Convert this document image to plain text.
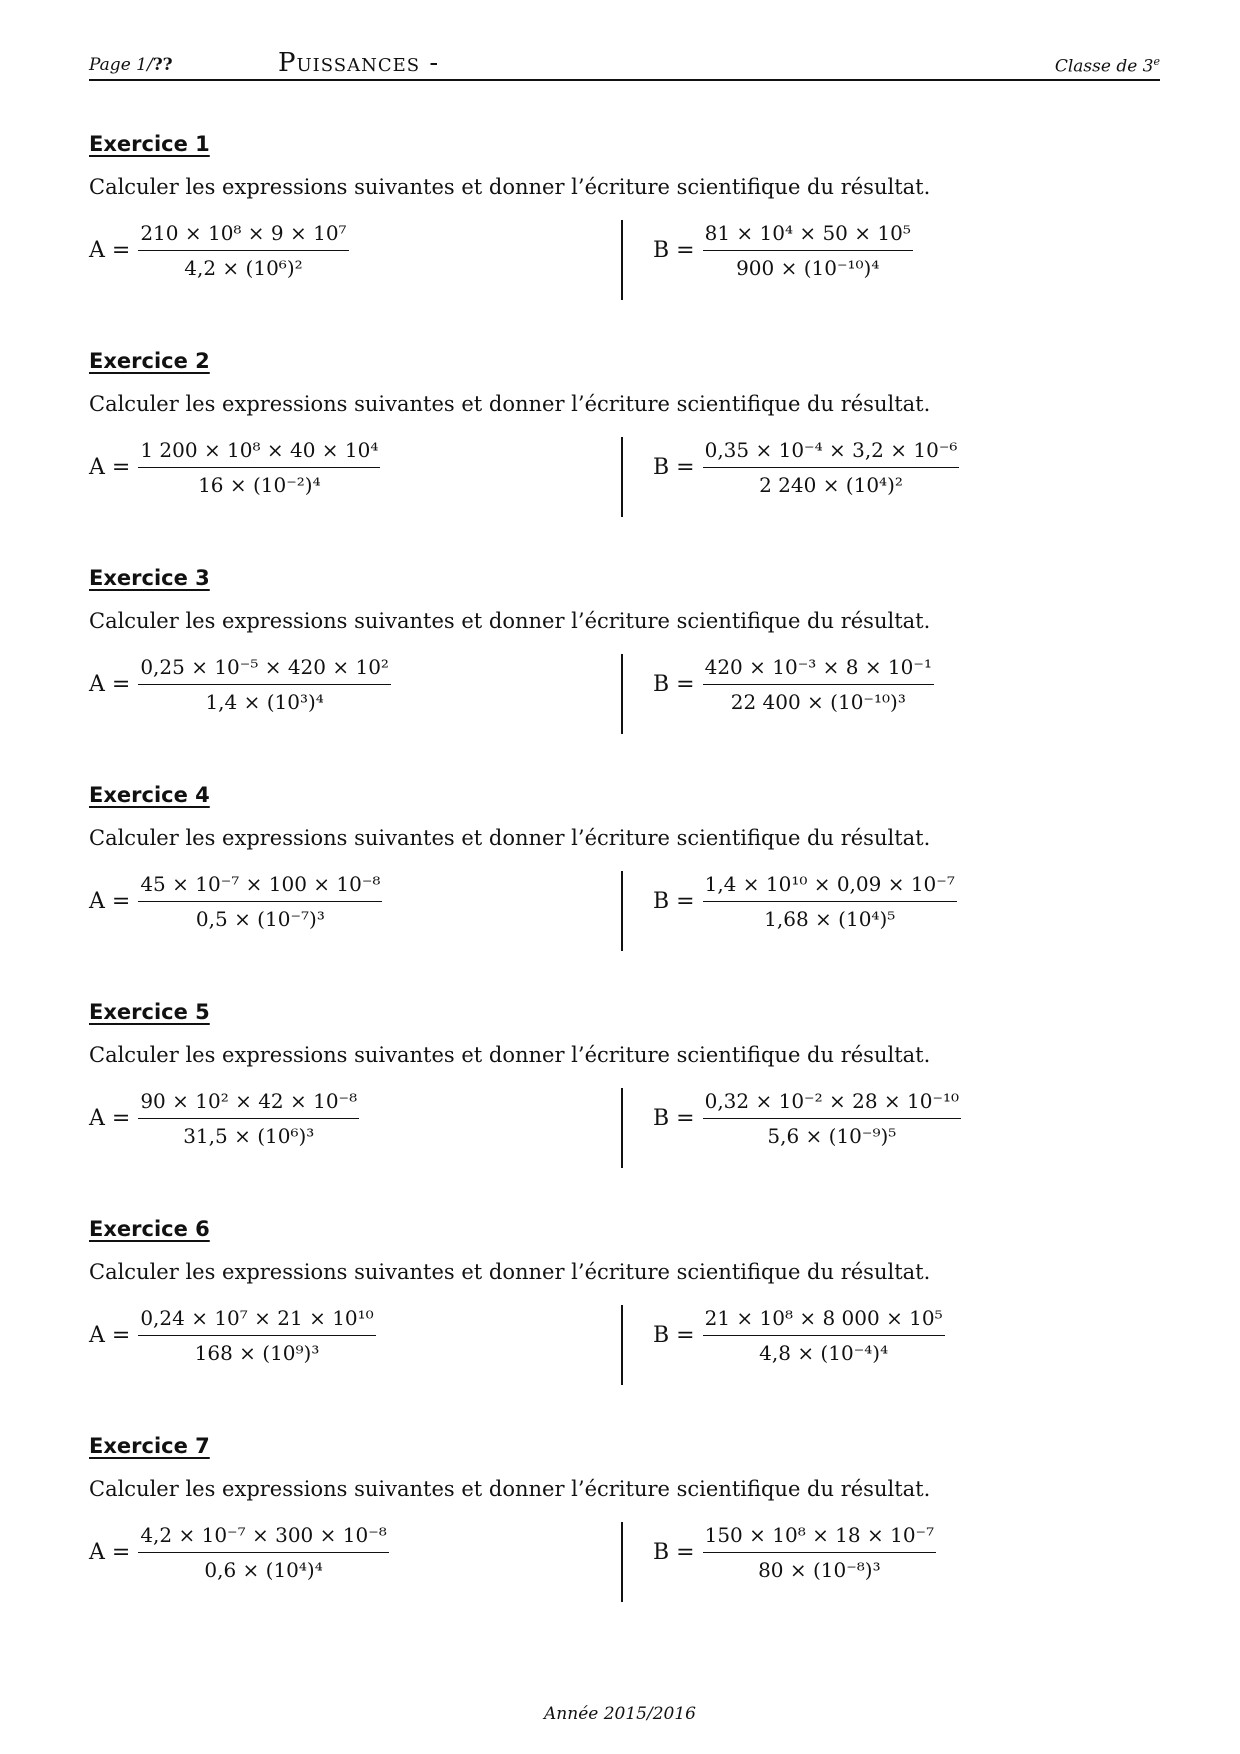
Page 1/??	Puissances -	Classe de 3e
Exercice 1
Calculer les expressions suivantes et donner l’écriture scientifique du résultat.
$A = \frac{\text{210 × 10⁸ × 9 × 10⁷}}{\text{4,2 × (10⁶)²}}$	$B = \frac{\text{81 × 10⁴ × 50 × 10⁵}}{\text{900 × (10⁻¹⁰)⁴}}$
Exercice 2
Calculer les expressions suivantes et donner l’écriture scientifique du résultat.
$A = \frac{\text{1 200 × 10⁸ × 40 × 10⁴}}{\text{16 × (10⁻²)⁴}}$	$B = \frac{\text{0,35 × 10⁻⁴ × 3,2 × 10⁻⁶}}{\text{2 240 × (10⁴)²}}$
Exercice 3
Calculer les expressions suivantes et donner l’écriture scientifique du résultat.
$A = \frac{\text{0,25 × 10⁻⁵ × 420 × 10²}}{\text{1,4 × (10³)⁴}}$	$B = \frac{\text{420 × 10⁻³ × 8 × 10⁻¹}}{\text{22 400 × (10⁻¹⁰)³}}$
Exercice 4
Calculer les expressions suivantes et donner l’écriture scientifique du résultat.
$A = \frac{\text{45 × 10⁻⁷ × 100 × 10⁻⁸}}{\text{0,5 × (10⁻⁷)³}}$	$B = \frac{\text{1,4 × 10¹⁰ × 0,09 × 10⁻⁷}}{\text{1,68 × (10⁴)⁵}}$
Exercice 5
Calculer les expressions suivantes et donner l’écriture scientifique du résultat.
$A = \frac{\text{90 × 10² × 42 × 10⁻⁸}}{\text{31,5 × (10⁶)³}}$	$B = \frac{\text{0,32 × 10⁻² × 28 × 10⁻¹⁰}}{\text{5,6 × (10⁻⁹)⁵}}$
Exercice 6
Calculer les expressions suivantes et donner l’écriture scientifique du résultat.
$A = \frac{\text{0,24 × 10⁷ × 21 × 10¹⁰}}{\text{168 × (10⁹)³}}$	$B = \frac{\text{21 × 10⁸ × 8 000 × 10⁵}}{\text{4,8 × (10⁻⁴)⁴}}$
Exercice 7
Calculer les expressions suivantes et donner l’écriture scientifique du résultat.
$A = \frac{\text{4,2 × 10⁻⁷ × 300 × 10⁻⁸}}{\text{0,6 × (10⁴)⁴}}$	$B = \frac{\text{150 × 10⁸ × 18 × 10⁻⁷}}{\text{80 × (10⁻⁸)³}}$
Année 2015/2016
